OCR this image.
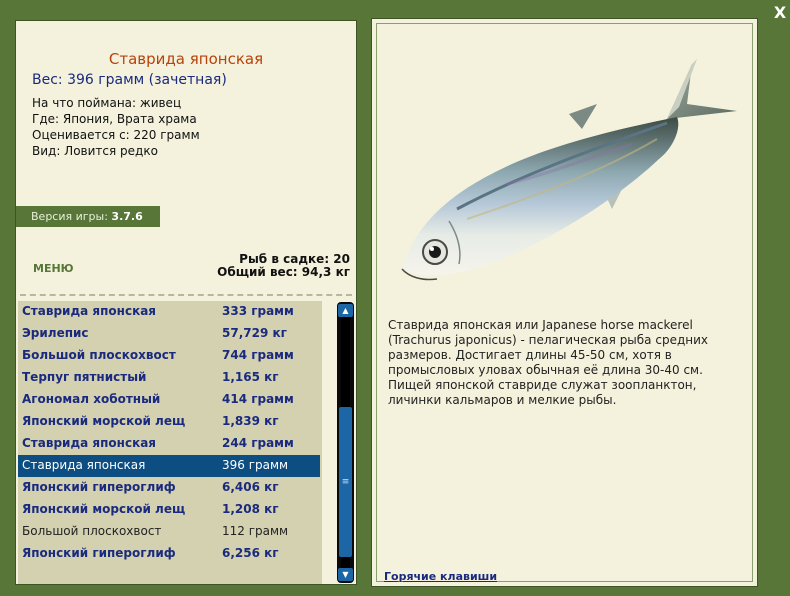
X
Ставрида японская
Вес: 396 грамм (зачетная)
На что поймана: живец
Где: Япония, Врата храма
Оценивается с: 220 грамм
Вид: Ловится редко
Версия игры: 3.7.6
МЕНЮ
Рыб в садке: 20
Общий вес: 94,3 кг
Ставрида японская	333 грамм
Эрилепис	57,729 кг
Большой плоскохвост	744 грамм
Терпуг пятнистый	1,165 кг
Агономал хоботный	414 грамм
Японский морской лещ	1,839 кг
Ставрида японская	244 грамм
Ставрида японская	396 грамм
Японский гипероглиф	6,406 кг
Японский морской лещ	1,208 кг
Большой плоскохвост	112 грамм
Японский гипероглиф	6,256 кг
▲
≡
▼
Ставрида японская или Japanese horse mackerel (Trachurus japonicus) - пелагическая рыба средних размеров. Достигает длины 45-50 см, хотя в промысловых уловах обычная её длина 30-40 см. Пищей японской ставриде служат зоопланктон, личинки кальмаров и мелкие рыбы.
Горячие клавиши
